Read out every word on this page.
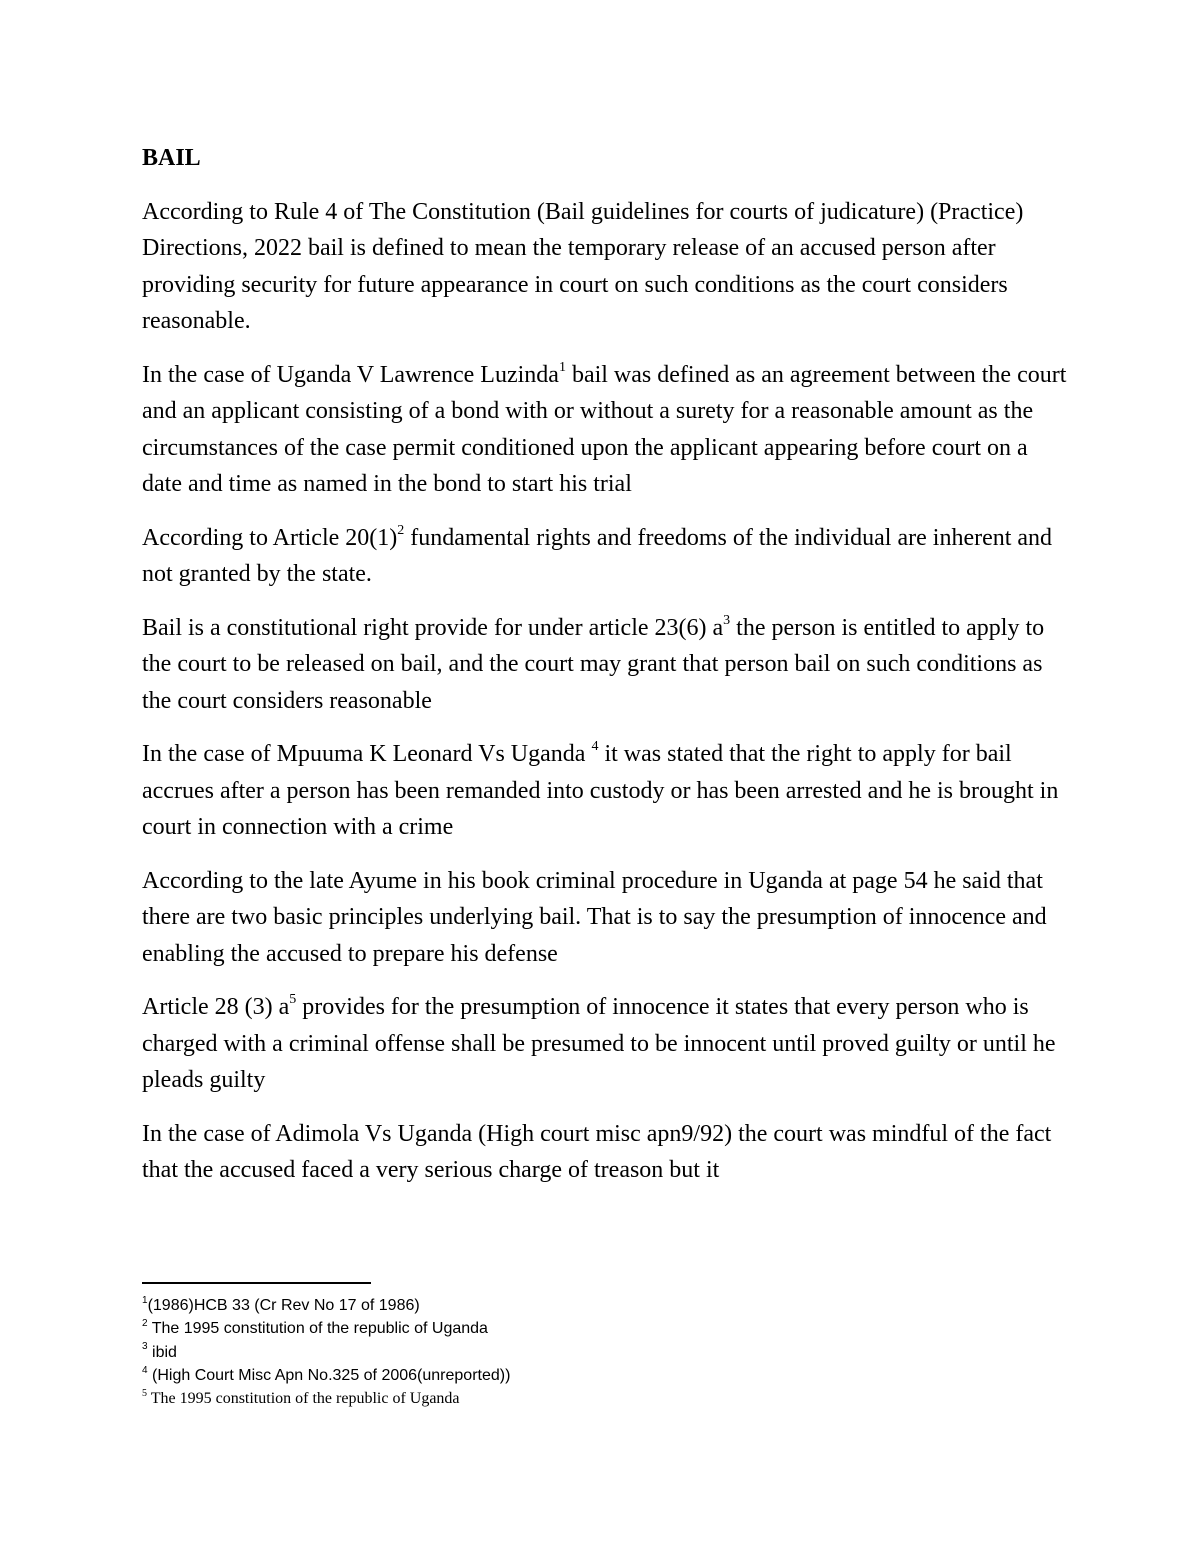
BAIL
According to Rule 4 of The Constitution (Bail guidelines for courts of judicature) (Practice) Directions, 2022 bail is defined to mean the temporary release of an accused person after providing security for future appearance in court on such conditions as the court considers reasonable.
In the case of Uganda V Lawrence Luzinda$^1$ bail was defined as an agreement between the court and an applicant consisting of a bond with or without a surety for a reasonable amount as the circumstances of the case permit conditioned upon the applicant appearing before court on a date and time as named in the bond to start his trial
According to Article $20(1)^2$ fundamental rights and freedoms of the individual are inherent and not granted by the state.
Bail is a constitutional right provide for under article 23(6) $a^3$ the person is entitled to apply to the court to be released on bail, and the court may grant that person bail on such conditions as the court considers reasonable
In the case of Mpuuma K Leonard Vs Uganda $^4$ it was stated that the right to apply for bail accrues after a person has been remanded into custody or has been arrested and he is brought in court in connection with a crime
According to the late Ayume in his book criminal procedure in Uganda at page 54 he said that there are two basic principles underlying bail. That is to say the presumption of innocence and enabling the accused to prepare his defense
Article 28 (3) $a^5$ provides for the presumption of innocence it states that every person who is charged with a criminal offense shall be presumed to be innocent until proved guilty or until he pleads guilty
In the case of Adimola Vs Uganda (High court misc apn9/92) the court was mindful of the fact that the accused faced a very serious charge of treason but it
$^1$(1986)HCB 33 (Cr Rev No 17 of 1986)
$^2$ The 1995 constitution of the republic of Uganda
$^3$ ibid
$^4$ (High Court Misc Apn No.325 of 2006(unreported))
$^5$ The 1995 constitution of the republic of Uganda
